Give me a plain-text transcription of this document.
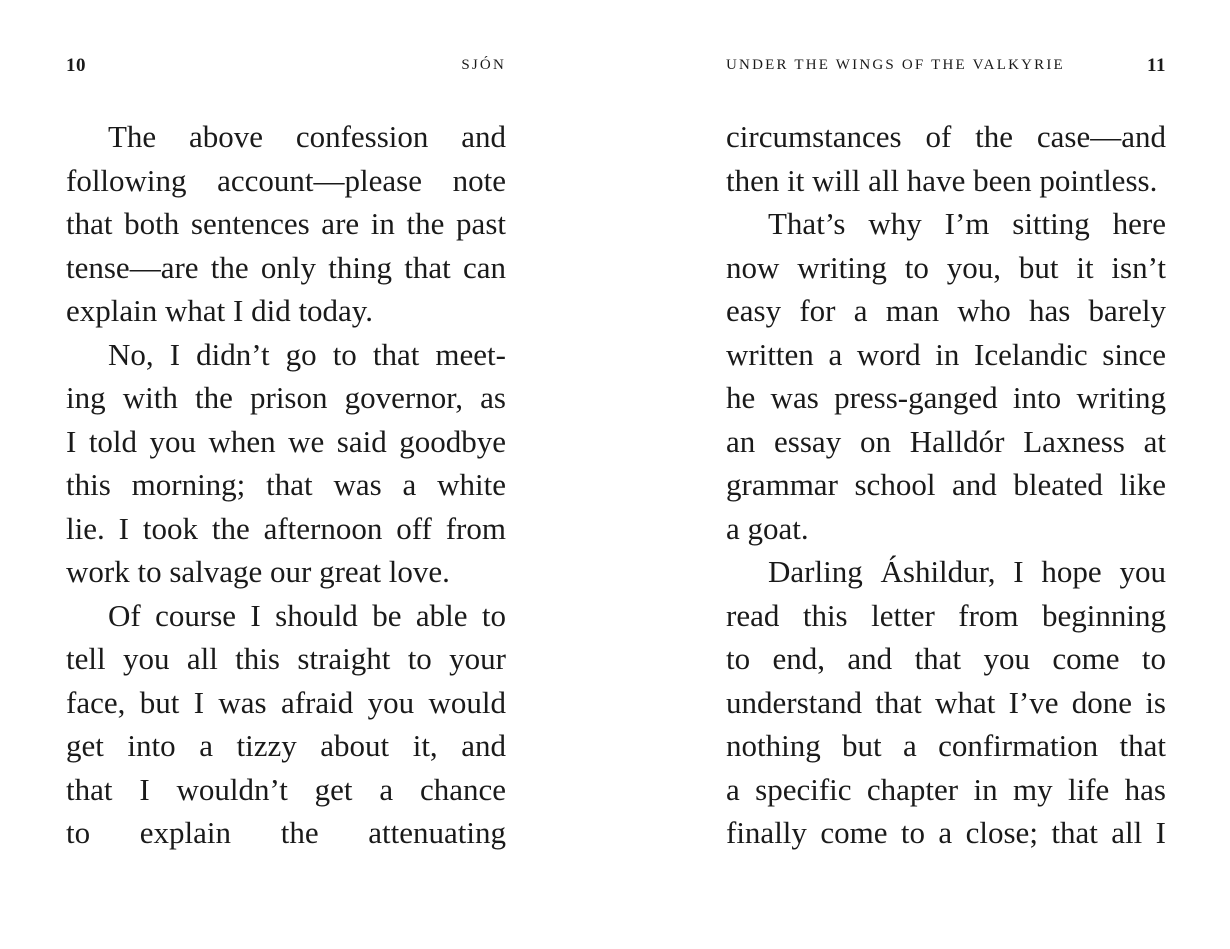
10	SJÓN
The above confession and
following account—please note
that both sentences are in the past
tense—are the only thing that can
explain what I did today.
No, I didn’t go to that meet-
ing with the prison governor, as
I told you when we said goodbye
this morning; that was a white
lie. I took the afternoon off from
work to salvage our great love.
Of course I should be able to
tell you all this straight to your
face, but I was afraid you would
get into a tizzy about it, and
that I wouldn’t get a chance
to explain the attenuating
UNDER THE WINGS OF THE VALKYRIE	11
circumstances of the case—and
then it will all have been pointless.
That’s why I’m sitting here
now writing to you, but it isn’t
easy for a man who has barely
written a word in Icelandic since
he was press-ganged into writing
an essay on Halldór Laxness at
grammar school and bleated like
a goat.
Darling Áshildur, I hope you
read this letter from beginning
to end, and that you come to
understand that what I’ve done is
nothing but a confirmation that
a specific chapter in my life has
finally come to a close; that all I
